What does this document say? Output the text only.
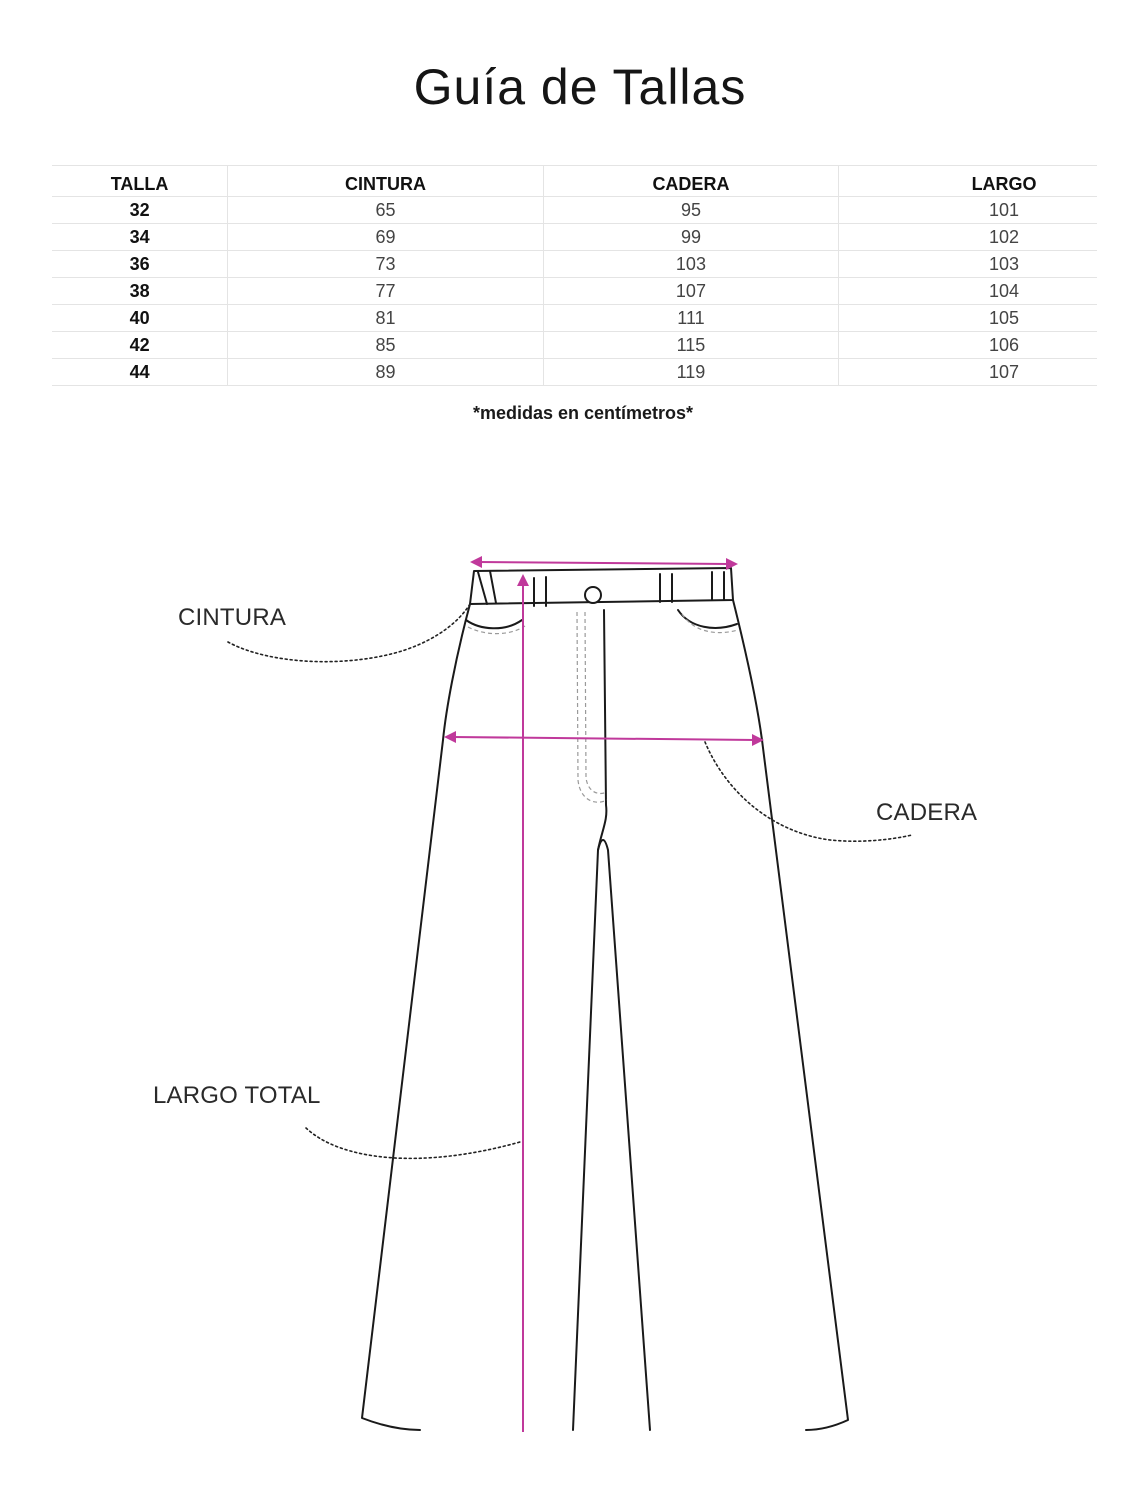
Guía de Tallas
TALLA	CINTURA	CADERA	LARGO
32	65	95	101
34	69	99	102
36	73	103	103
38	77	107	104
40	81	111	105
42	85	115	106
44	89	119	107

*medidas en centímetros*

CINTURA
CADERA
LARGO TOTAL
